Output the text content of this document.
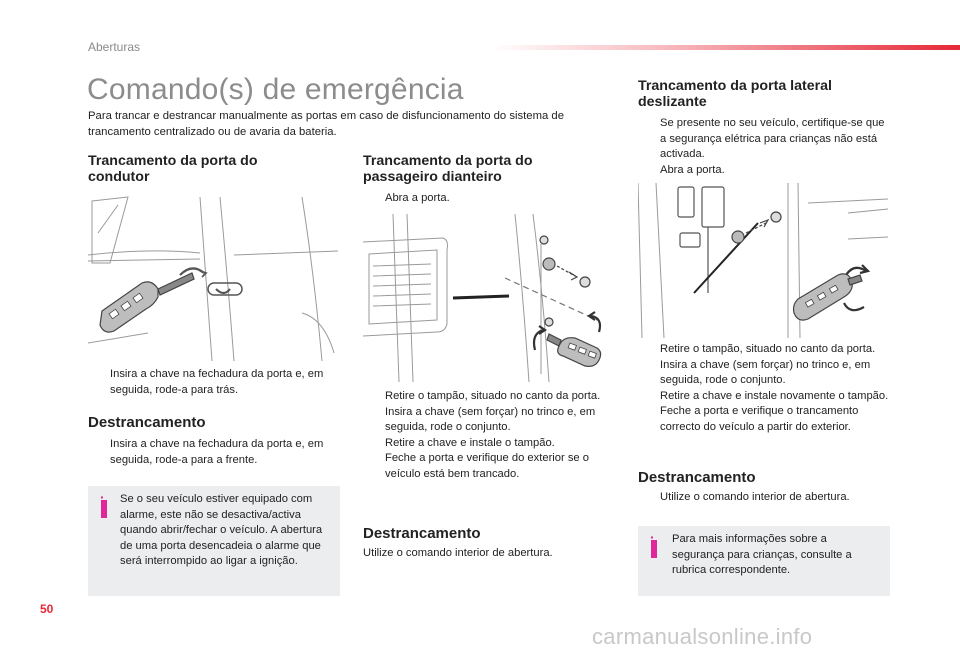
Aberturas
Comando(s) de emergência

Para trancar e destrancar manualmente as portas em caso de disfuncionamento do sistema de trancamento centralizado ou de avaria da bateria.

Trancamento da porta do condutor
Insira a chave na fechadura da porta e, em seguida, rode-a para trás.
Destrancamento
Insira a chave na fechadura da porta e, em seguida, rode-a para a frente.
· Se o seu veículo estiver equipado com alarme, este não se desactiva/activa quando abrir/fechar o veículo. A abertura de uma porta desencadeia o alarme que será interrompido ao ligar a ignição.
Trancamento da porta do passageiro dianteiro
Abra a porta.
Retire o tampão, situado no canto da porta.
Insira a chave (sem forçar) no trinco e, em seguida, rode o conjunto.
Retire a chave e instale o tampão.
Feche a porta e verifique do exterior se o veículo está bem trancado.
Destrancamento
Utilize o comando interior de abertura.
Trancamento da porta lateral deslizante
Se presente no seu veículo, certifique-se que a segurança elétrica para crianças não está activada.
Abra a porta.
Retire o tampão, situado no canto da porta.
Insira a chave (sem forçar) no trinco e, em seguida, rode o conjunto.
Retire a chave e instale novamente o tampão.
Feche a porta e verifique o trancamento correcto do veículo a partir do exterior.
Destrancamento
Utilize o comando interior de abertura.
· Para mais informações sobre a segurança para crianças, consulte a rubrica correspondente.
50
carmanualsonline.info
